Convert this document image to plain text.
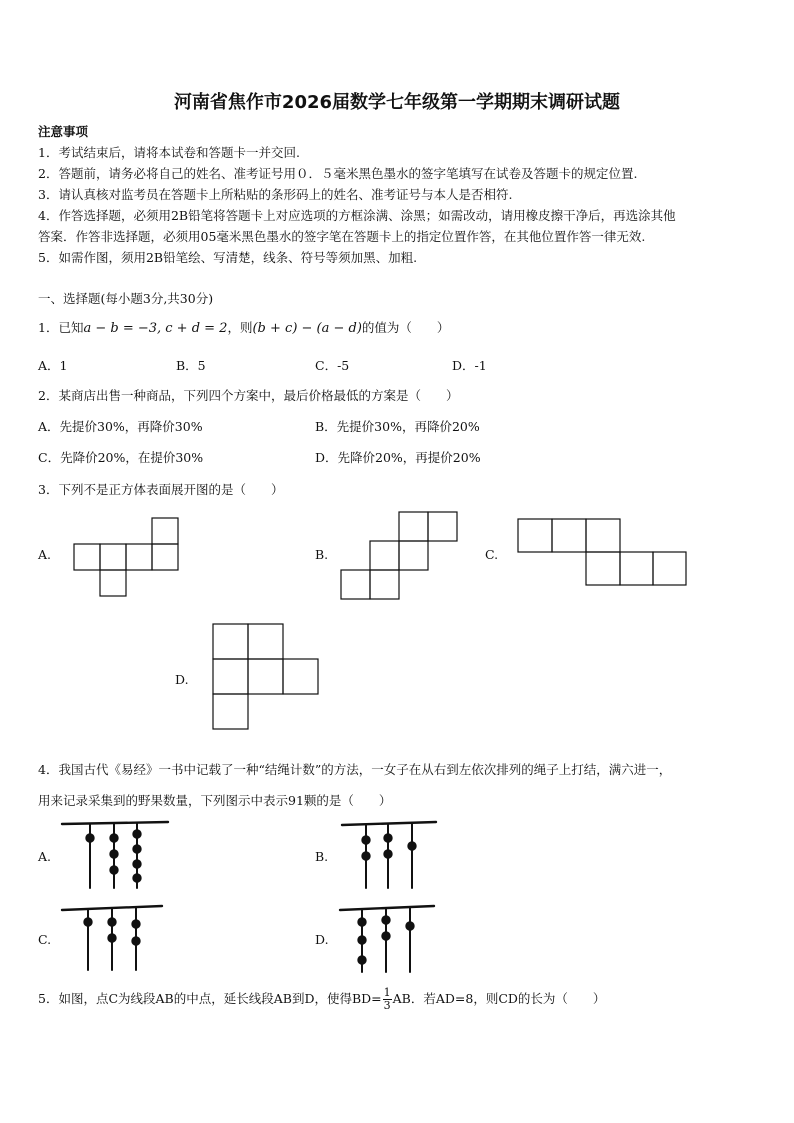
河南省焦作市2026届数学七年级第一学期期末调研试题
注意事项
1．考试结束后，请将本试卷和答题卡一并交回.
2．答题前，请务必将自己的姓名、准考证号用０．５毫米黑色墨水的签字笔填写在试卷及答题卡的规定位置.
3．请认真核对监考员在答题卡上所粘贴的条形码上的姓名、准考证号与本人是否相符.
4．作答选择题，必须用2B铅笔将答题卡上对应选项的方框涂满、涂黑；如需改动，请用橡皮擦干净后，再选涂其他
答案．作答非选择题，必须用05毫米黑色墨水的签字笔在答题卡上的指定位置作答，在其他位置作答一律无效.
5．如需作图，须用2B铅笔绘、写清楚，线条、符号等须加黑、加粗.
一、选择题(每小题3分,共30分)
1．已知a − b = −3, c + d = 2，则(b + c) − (a − d)的值为（　　）
A．1	B．5	C．-5	D．-1
2．某商店出售一种商品，下列四个方案中，最后价格最低的方案是（　　）
A．先提价30%，再降价30%	B．先提价30%，再降价20%
C．先降价20%，在提价30%	D．先降价20%，再提价20%
3．下列不是正方体表面展开图的是（　　）
A.	B.	C.
D.
4．我国古代《易经》一书中记载了一种“结绳计数”的方法，一女子在从右到左依次排列的绳子上打结，满六进一，
用来记录采集到的野果数量，下列图示中表示91颗的是（　　）
A.	B.
C.	D.
5．如图，点C为线段AB的中点，延长线段AB到D，使得$BD= \frac{1}{3}$ AB．若AD=8，则CD的长为（　　）
